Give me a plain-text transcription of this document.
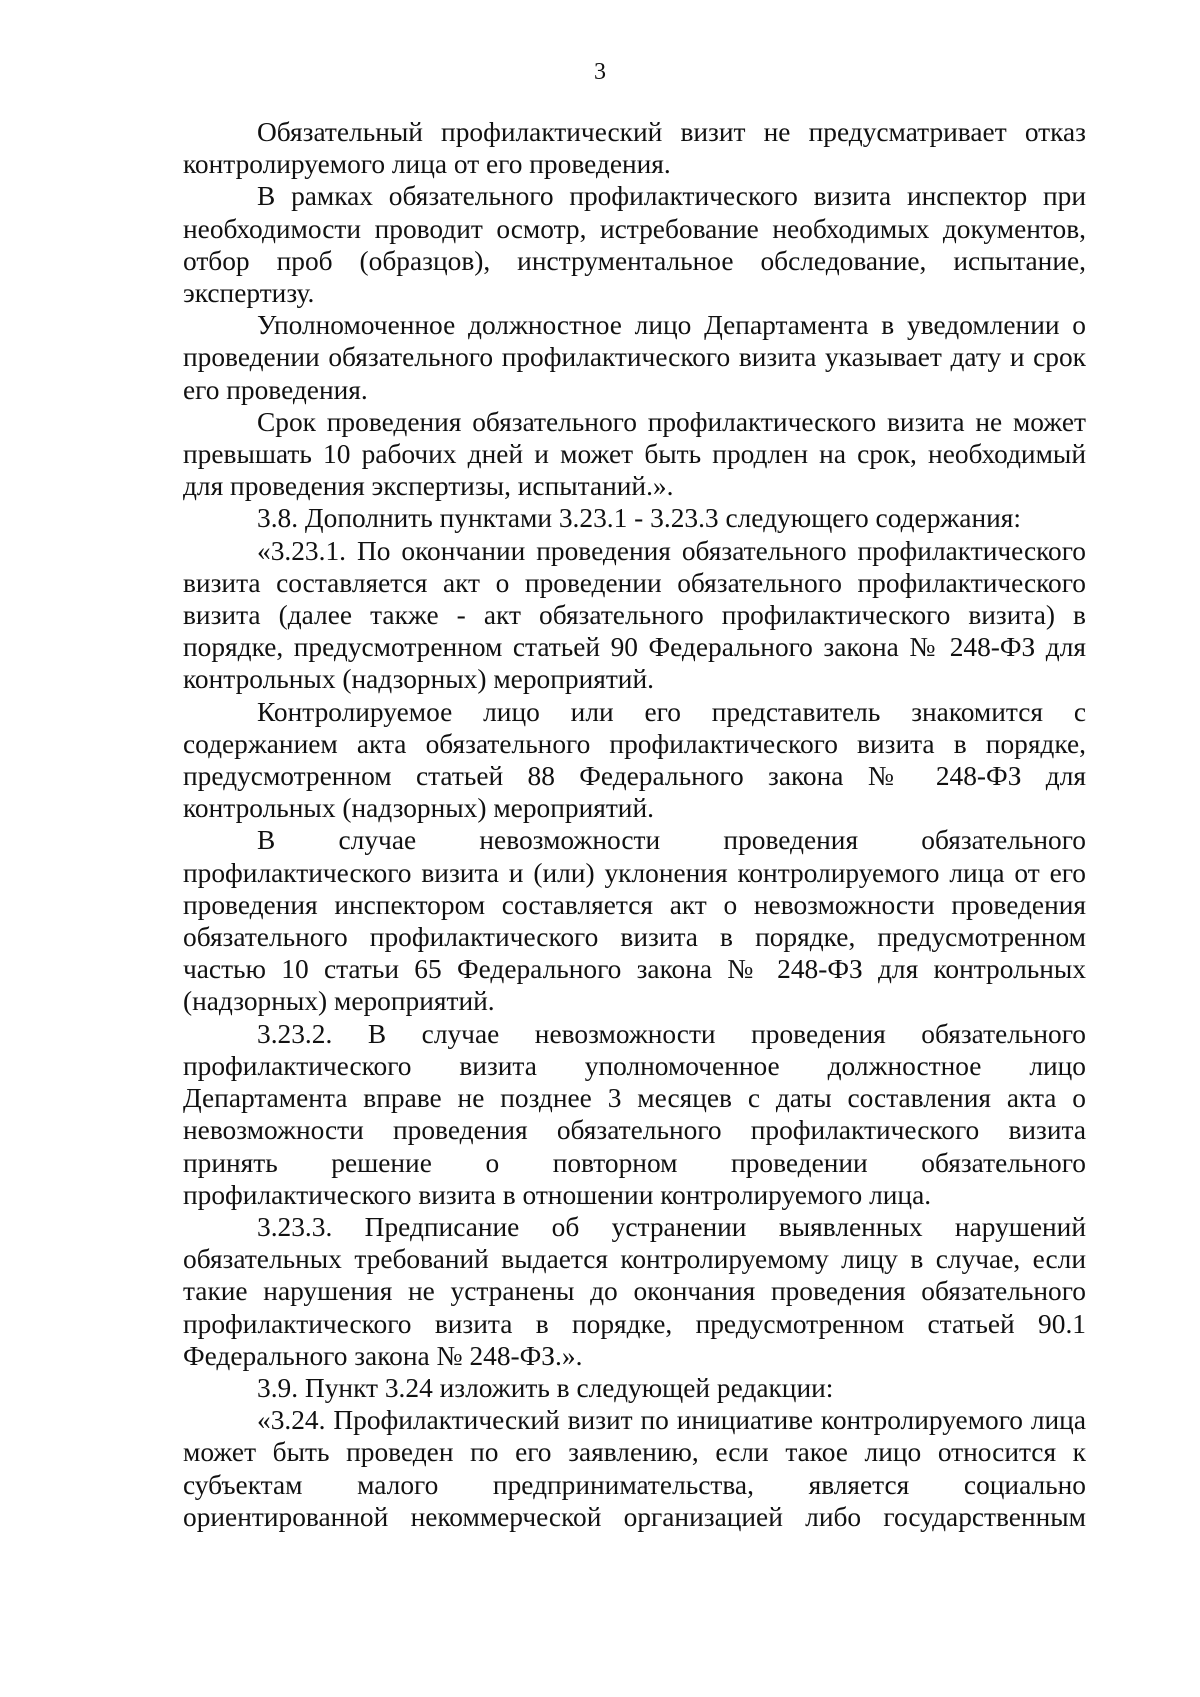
3

Обязательный профилактический визит не предусматривает отказ контролируемого лица от его проведения.

В рамках обязательного профилактического визита инспектор при необходимости проводит осмотр, истребование необходимых документов, отбор проб (образцов), инструментальное обследование, испытание, экспертизу.

Уполномоченное должностное лицо Департамента в уведомлении о проведении обязательного профилактического визита указывает дату и срок его проведения.

Срок проведения обязательного профилактического визита не может превышать 10 рабочих дней и может быть продлен на срок, необходимый для проведения экспертизы, испытаний.».

3.8. Дополнить пунктами 3.23.1 - 3.23.3 следующего содержания:

«3.23.1. По окончании проведения обязательного профилактического визита составляется акт о проведении обязательного профилактического визита (далее также - акт обязательного профилактического визита) в порядке, предусмотренном статьей 90 Федерального закона № 248-ФЗ для контрольных (надзорных) мероприятий.

Контролируемое лицо или его представитель знакомится с содержанием акта обязательного профилактического визита в порядке, предусмотренном статьей 88 Федерального закона № 248-ФЗ для контрольных (надзорных) мероприятий.

В случае невозможности проведения обязательного профилактического визита и (или) уклонения контролируемого лица от его проведения инспектором составляется акт о невозможности проведения обязательного профилактического визита в порядке, предусмотренном частью 10 статьи 65 Федерального закона № 248-ФЗ для контрольных (надзорных) мероприятий.

3.23.2. В случае невозможности проведения обязательного профилактического визита уполномоченное должностное лицо Департамента вправе не позднее 3 месяцев с даты составления акта о невозможности проведения обязательного профилактического визита принять решение о повторном проведении обязательного профилактического визита в отношении контролируемого лица.

3.23.3. Предписание об устранении выявленных нарушений обязательных требований выдается контролируемому лицу в случае, если такие нарушения не устранены до окончания проведения обязательного профилактического визита в порядке, предусмотренном статьей 90.1 Федерального закона № 248-ФЗ.».

3.9. Пункт 3.24 изложить в следующей редакции:

«3.24. Профилактический визит по инициативе контролируемого лица может быть проведен по его заявлению, если такое лицо относится к субъектам малого предпринимательства, является социально ориентированной некоммерческой организацией либо государственным
